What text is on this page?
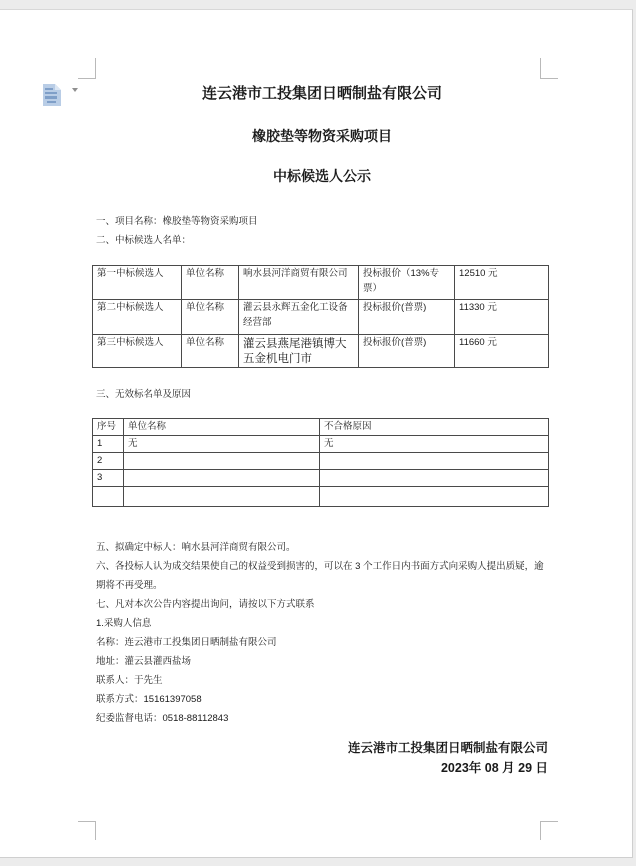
连云港市工投集团日晒制盐有限公司

橡胶垫等物资采购项目

中标候选人公示

一、项目名称：橡胶垫等物资采购项目

二、中标候选人名单：

第一中标候选人	单位名称	响水县河洋商贸有限公司	投标报价（13%专票）	12510 元
第二中标候选人	单位名称	灌云县永辉五金化工设备经营部	投标报价(普票)	11330 元
第三中标候选人	单位名称	灌云县燕尾港镇博大五金机电门市	投标报价(普票)	11660 元

三、无效标名单及原因

序号	单位名称	不合格原因
1	无	无
2		
3		

五、拟确定中标人：响水县河洋商贸有限公司。

六、各投标人认为成交结果使自己的权益受到损害的，可以在 3 个工作日内书面方式向采购人提出质疑，逾期将不再受理。

七、凡对本次公告内容提出询问，请按以下方式联系

1.采购人信息

名称：连云港市工投集团日晒制盐有限公司

地址：灌云县灌西盐场

联系人：于先生

联系方式：15161397058

纪委监督电话：0518-88112843

连云港市工投集团日晒制盐有限公司
2023年 08 月 29 日
